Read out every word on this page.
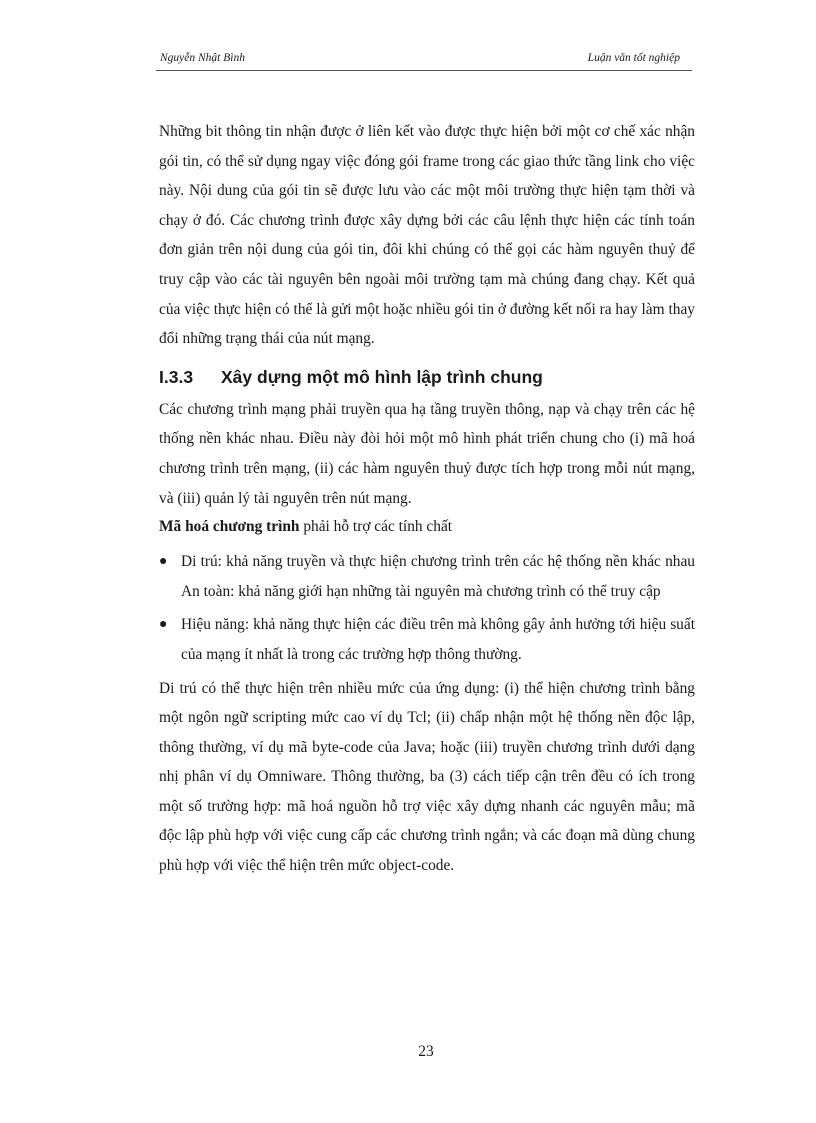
Nguyễn Nhật Bình	Luận văn tốt nghiệp

Những bit thông tin nhận được ở liên kết vào được thực hiện bởi một cơ chế xác nhận gói tin, có thể sử dụng ngay việc đóng gói frame trong các giao thức tầng link cho việc này. Nội dung của gói tin sẽ được lưu vào các một môi trường thực hiện tạm thời và chạy ở đó. Các chương trình được xây dựng bởi các câu lệnh thực hiện các tính toán đơn giản trên nội dung của gói tin, đôi khi chúng có thể gọi các hàm nguyên thuỷ để truy cập vào các tài nguyên bên ngoài môi trường tạm mà chúng đang chạy. Kết quả của việc thực hiện có thể là gửi một hoặc nhiều gói tin ở đường kết nối ra hay làm thay đổi những trạng thái của nút mạng.

I.3.3	Xây dựng một mô hình lập trình chung

Các chương trình mạng phải truyền qua hạ tầng truyền thông, nạp và chạy trên các hệ thống nền khác nhau. Điều này đòi hỏi một mô hình phát triển chung cho (i) mã hoá chương trình trên mạng, (ii) các hàm nguyên thuỷ được tích hợp trong mỗi nút mạng, và (iii) quản lý tài nguyên trên nút mạng.

Mã hoá chương trình phải hỗ trợ các tính chất

● Di trú: khả năng truyền và thực hiện chương trình trên các hệ thống nền khác nhau An toàn: khả năng giới hạn những tài nguyên mà chương trình có thể truy cập
● Hiệu năng: khả năng thực hiện các điều trên mà không gây ảnh hưởng tới hiệu suất của mạng ít nhất là trong các trường hợp thông thường.

Di trú có thể thực hiện trên nhiều mức của ứng dụng: (i) thể hiện chương trình bằng một ngôn ngữ scripting mức cao ví dụ Tcl; (ii) chấp nhận một hệ thống nền độc lập, thông thường, ví dụ mã byte-code của Java; hoặc (iii) truyền chương trình dưới dạng nhị phân ví dụ Omniware. Thông thường, ba (3) cách tiếp cận trên đều có ích trong một số trường hợp: mã hoá nguồn hỗ trợ việc xây dựng nhanh các nguyên mẫu; mã độc lập phù hợp với việc cung cấp các chương trình ngắn; và các đoạn mã dùng chung phù hợp với việc thể hiện trên mức object-code.

23
